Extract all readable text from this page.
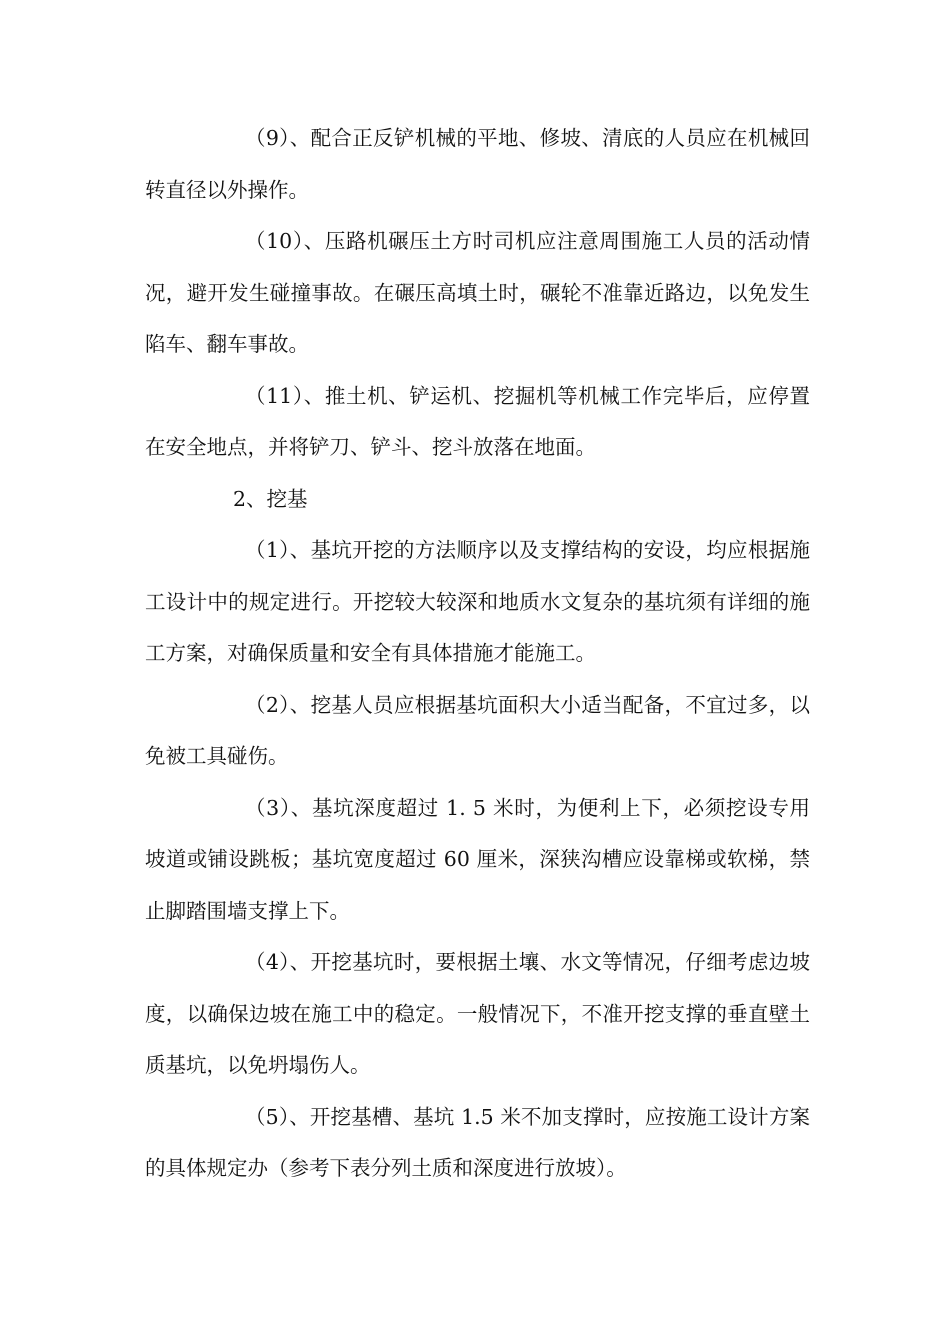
（9）、配合正反铲机械的平地、修坡、清底的人员应在机械回转直径以外操作。

（10）、压路机碾压土方时司机应注意周围施工人员的活动情况，避开发生碰撞事故。在碾压高填土时，碾轮不准靠近路边，以免发生陷车、翻车事故。

（11）、推土机、铲运机、挖掘机等机械工作完毕后，应停置在安全地点，并将铲刀、铲斗、挖斗放落在地面。

2、挖基

（1）、基坑开挖的方法顺序以及支撑结构的安设，均应根据施工设计中的规定进行。开挖较大较深和地质水文复杂的基坑须有详细的施工方案，对确保质量和安全有具体措施才能施工。

（2）、挖基人员应根据基坑面积大小适当配备，不宜过多，以免被工具碰伤。

（3）、基坑深度超过 1. 5 米时，为便利上下，必须挖设专用坡道或铺设跳板；基坑宽度超过 60 厘米，深狭沟槽应设靠梯或软梯，禁止脚踏围墙支撑上下。

（4）、开挖基坑时，要根据土壤、水文等情况，仔细考虑边坡度，以确保边坡在施工中的稳定。一般情况下，不准开挖支撑的垂直壁土质基坑，以免坍塌伤人。

（5）、开挖基槽、基坑 1.5 米不加支撑时，应按施工设计方案的具体规定办（参考下表分列土质和深度进行放坡）。
